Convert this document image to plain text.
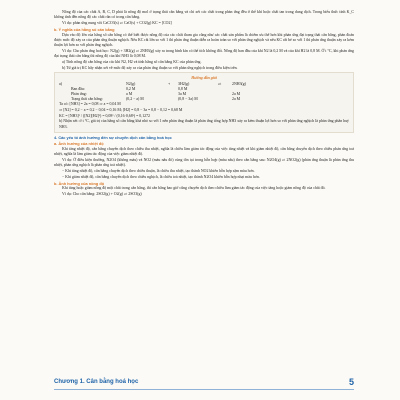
Nồng độ của các chất A, B, C, D phải là nồng độ mol ở trạng thái cân bằng và chỉ xét các chất trong phản ứng đều ở thể khí hoặc chất tan trong dung dịch. Trong biểu thức tính K_C không tính đến nồng độ các chất rắn có trong cân bằng.

Ví dụ: phản ứng nung vôi CaCO3(s) ⇌ CaO(s) + CO2(g) KC = [CO2]

b. Ý nghĩa của hằng số cân bằng

Dựa vào độ lớn của hằng số cân bằng có thể biết được nồng độ của các chất tham gia cũng như các chất sản phẩm là chiếm ưu thế hơn khi phản ứng đạt trạng thái cân bằng, phản đoán được mức độ xảy ra của phản ứng thuận nghịch. Nếu KC rất lớn so với 1 thì phản ứng thuận diễn ra hoàn toàn so với phản ứng nghịch và nếu KC rất bé so với 1 thì phản ứng thuận xảy ra kém thuận lợi hơn so với phản ứng nghịch.

Ví dụ: Cho phản ứng hoá học: N2(g) + 3H2(g) ⇌ 2NH3(g) xảy ra trong bình kín có thể tích không đổi. Nồng độ ban đầu của khí N2 là 0,2 M và của khí H2 là 0,8 M. Ở t °C, khi phản ứng đạt trạng thái cân bằng thì nồng độ của khí NH3 là 0,08 M.

a) Tính nồng độ cân bằng của các khí N2, H2 và tính hằng số cân bằng KC của phản ứng.

b) Từ giá trị KC hãy nhận xét về mức độ xảy ra của phản ứng thuận so với phản ứng nghịch trong điều kiện trên.

Hướng dẫn giải

a)	N2(g)	+	3H2(g)	⇌	2NH3(g)
Ban đầu:	0,2 M	0,8 M
Phản ứng:	a M	3a M	2a M
Trạng thái cân bằng:	(0,2 − a) M	(0,8 − 3a) M	2a M

Ta có: [NH3] = 2a = 0,08 ⇒ a = 0,04 M

⇒ [N2] = 0,2 − a = 0,2 − 0,04 = 0,16 M; [H2] = 0,8 − 3a = 0,8 − 0,12 = 0,68 M

KC = [NH3]² / ([N2][H2]³) = 0,08² / (0,16·0,68³) = 0,1272

b) Nhận xét: ở t °C, giá trị của hằng số cân bằng khá nhỏ so với 1 nên phản ứng thuận là phản ứng tổng hợp NH3 xảy ra kém thuận lợi hơn so với phản ứng nghịch là phản ứng phân huỷ NH3.

4. Các yếu tố ảnh hưởng đến sự chuyển dịch cân bằng hoá học

a. Ảnh hưởng của nhiệt độ

Khi tăng nhiệt độ, cân bằng chuyển dịch theo chiều thu nhiệt, nghĩa là chiều làm giảm tác động của việc tăng nhiệt và khi giảm nhiệt độ, cân bằng chuyển dịch theo chiều phản ứng toả nhiệt, nghĩa là làm giảm tác động của việc giảm nhiệt độ.

Ví dụ: Ở điều kiện thường, N2O4 (không màu) và NO2 (màu nâu đỏ) cùng tồn tại trong hỗn hợp (màu nâu) theo cân bằng sau: N2O4(g) ⇌ 2NO2(g) (phản ứng thuận là phản ứng thu nhiệt, phản ứng nghịch là phản ứng toả nhiệt).

− Khi tăng nhiệt độ, cân bằng chuyển dịch theo chiều thuận, là chiều thu nhiệt, tạo thành NO2 khiến hỗn hợp sậm màu hơn.

− Khi giảm nhiệt độ, cân bằng chuyển dịch theo chiều nghịch, là chiều toả nhiệt, tạo thành N2O4 khiến hỗn hợp nhạt màu hơn.

b. Ảnh hưởng của nồng độ

Khi tăng hoặc giảm nồng độ một chất trong cân bằng, thì cân bằng bao giờ cũng chuyển dịch theo chiều làm giảm tác động của việc tăng hoặc giảm nồng độ của chất đó.

Ví dụ: Cho cân bằng: 2SO2(g) + O2(g) ⇌ 2SO3(g)

Chương 1. Cân bằng hoá học	5
